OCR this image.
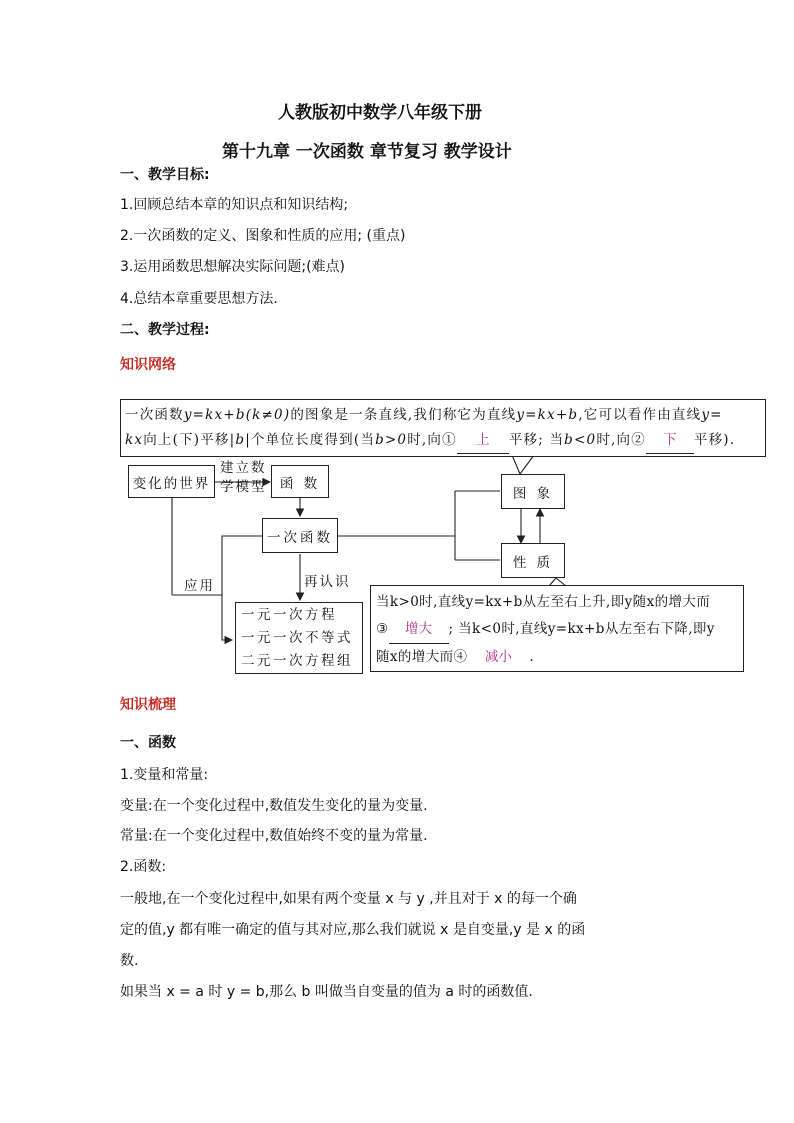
人教版初中数学八年级下册
第十九章 一次函数 章节复习 教学设计
一、教学目标:
1.回顾总结本章的知识点和知识结构;
2.一次函数的定义、图象和性质的应用; (重点)
3.运用函数思想解决实际问题;(难点)
4.总结本章重要思想方法.
二、教学过程:
知识网络
一次函数y=kx+b(k≠0)的图象是一条直线,我们称它为直线y=kx+b,它可以看作由直线y=
kx向上(下)平移|b|个单位长度得到(当b>0时,向① 上 平移; 当b<0时,向② 下 平移).
变化的世界
建立数
学模型 函 数
一次函数
图 象
性 质
应用	再认识
一元一次方程
一元一次不等式
二元一次方程组
当k>0时,直线y=kx+b从左至右上升,即y随x的增大而
③ 增大 ; 当k<0时,直线y=kx+b从左至右下降,即y
随x的增大而④ 减小 .
知识梳理
一、函数
1.变量和常量:
变量:在一个变化过程中,数值发生变化的量为变量.
常量:在一个变化过程中,数值始终不变的量为常量.
2.函数:
一般地,在一个变化过程中,如果有两个变量 x 与 y ,并且对于 x 的每一个确
定的值,y 都有唯一确定的值与其对应,那么我们就说 x 是自变量,y 是 x 的函
数.
如果当 x = a 时 y = b,那么 b 叫做当自变量的值为 a 时的函数值.
